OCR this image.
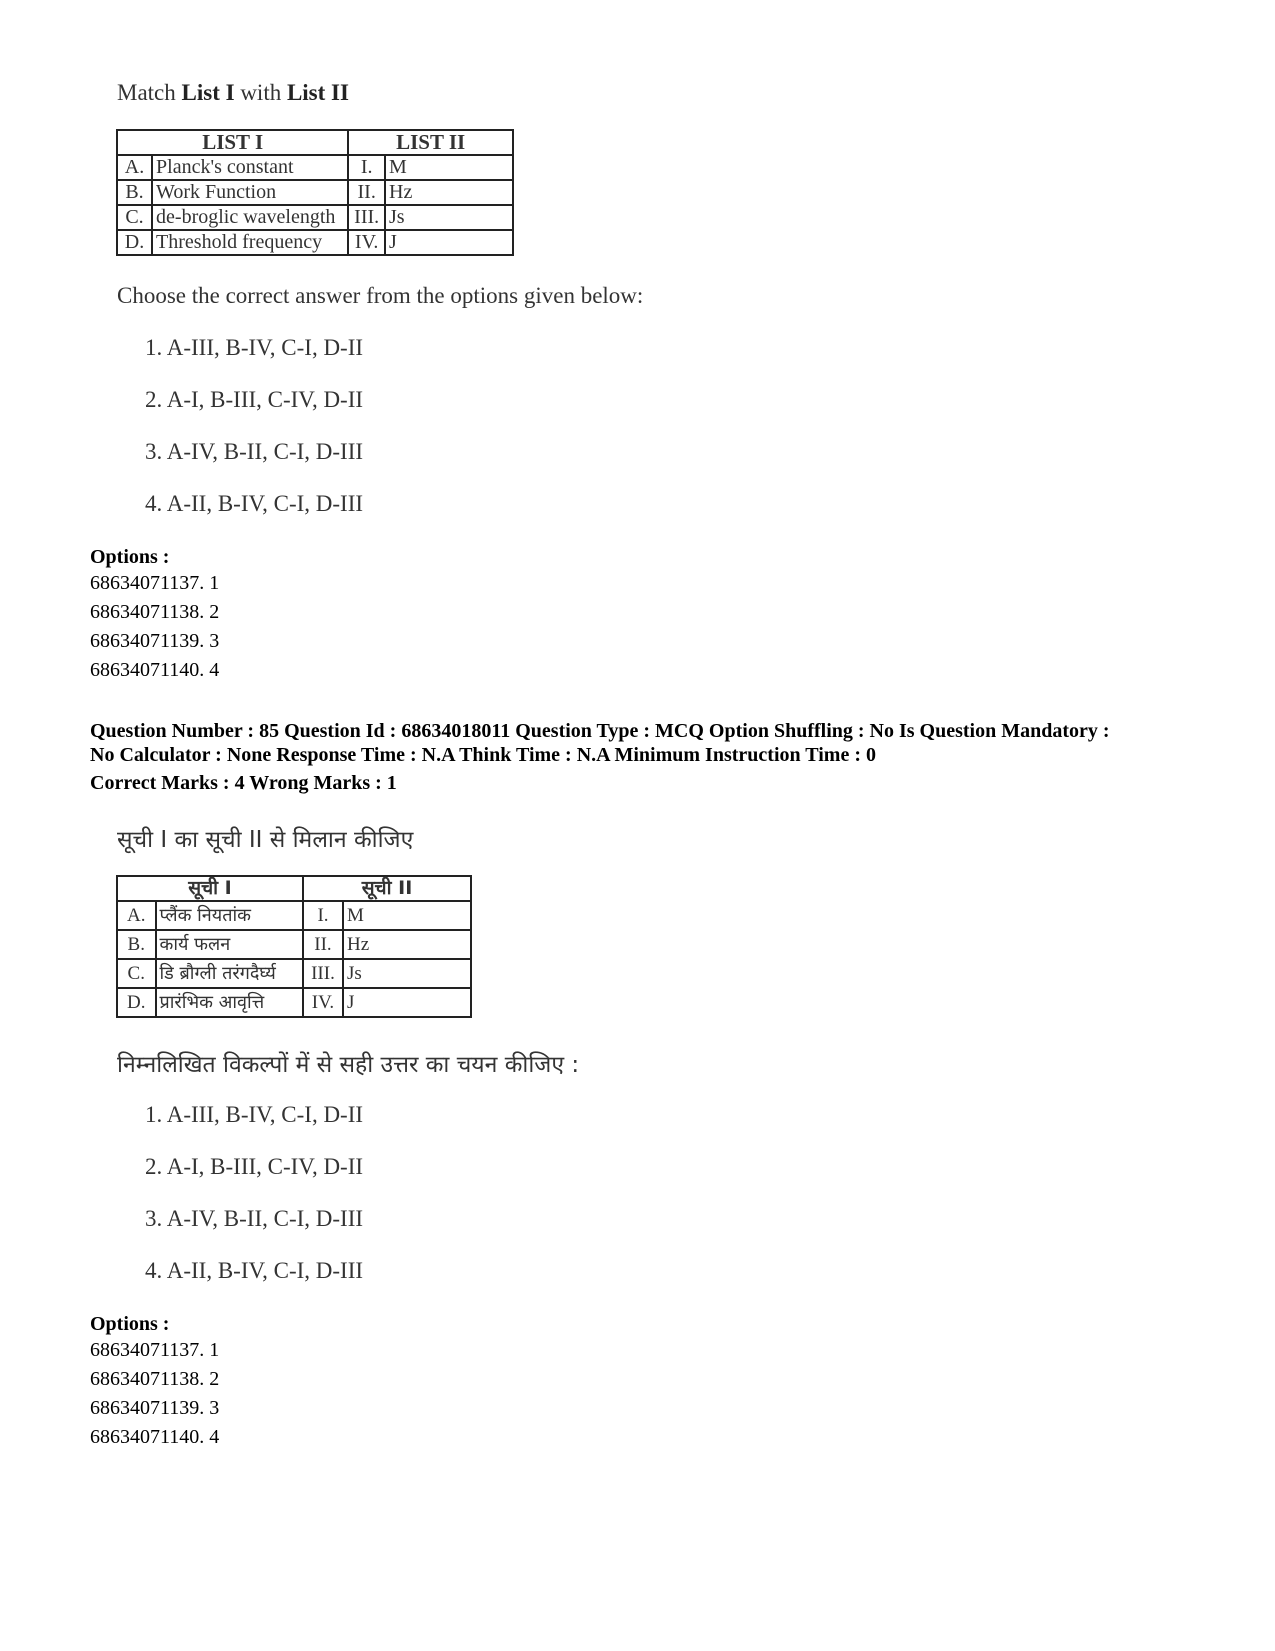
Match List I with List II
LIST I		LIST II	
A.	Planck's constant	I.	M
B.	Work Function	II.	Hz
C.	de-broglic wavelength	III.	Js
D.	Threshold frequency	IV.	J
Choose the correct answer from the options given below:
1. A-III, B-IV, C-I, D-II
2. A-I, B-III, C-IV, D-II
3. A-IV, B-II, C-I, D-III
4. A-II, B-IV, C-I, D-III
Options :
68634071137. 1
68634071138. 2
68634071139. 3
68634071140. 4
Question Number : 85 Question Id : 68634018011 Question Type : MCQ Option Shuffling : No Is Question Mandatory :
No Calculator : None Response Time : N.A Think Time : N.A Minimum Instruction Time : 0
Correct Marks : 4 Wrong Marks : 1
सूची I का सूची II से मिलान कीजिए
सूची I		सूची II	
A.	प्लैंक नियतांक	I.	M
B.	कार्य फलन	II.	Hz
C.	डि ब्रौग्ली तरंगदैर्घ्य	III.	Js
D.	प्रारंभिक आवृत्ति	IV.	J
निम्नलिखित विकल्पों में से सही उत्तर का चयन कीजिए :
1. A-III, B-IV, C-I, D-II
2. A-I, B-III, C-IV, D-II
3. A-IV, B-II, C-I, D-III
4. A-II, B-IV, C-I, D-III
Options :
68634071137. 1
68634071138. 2
68634071139. 3
68634071140. 4
